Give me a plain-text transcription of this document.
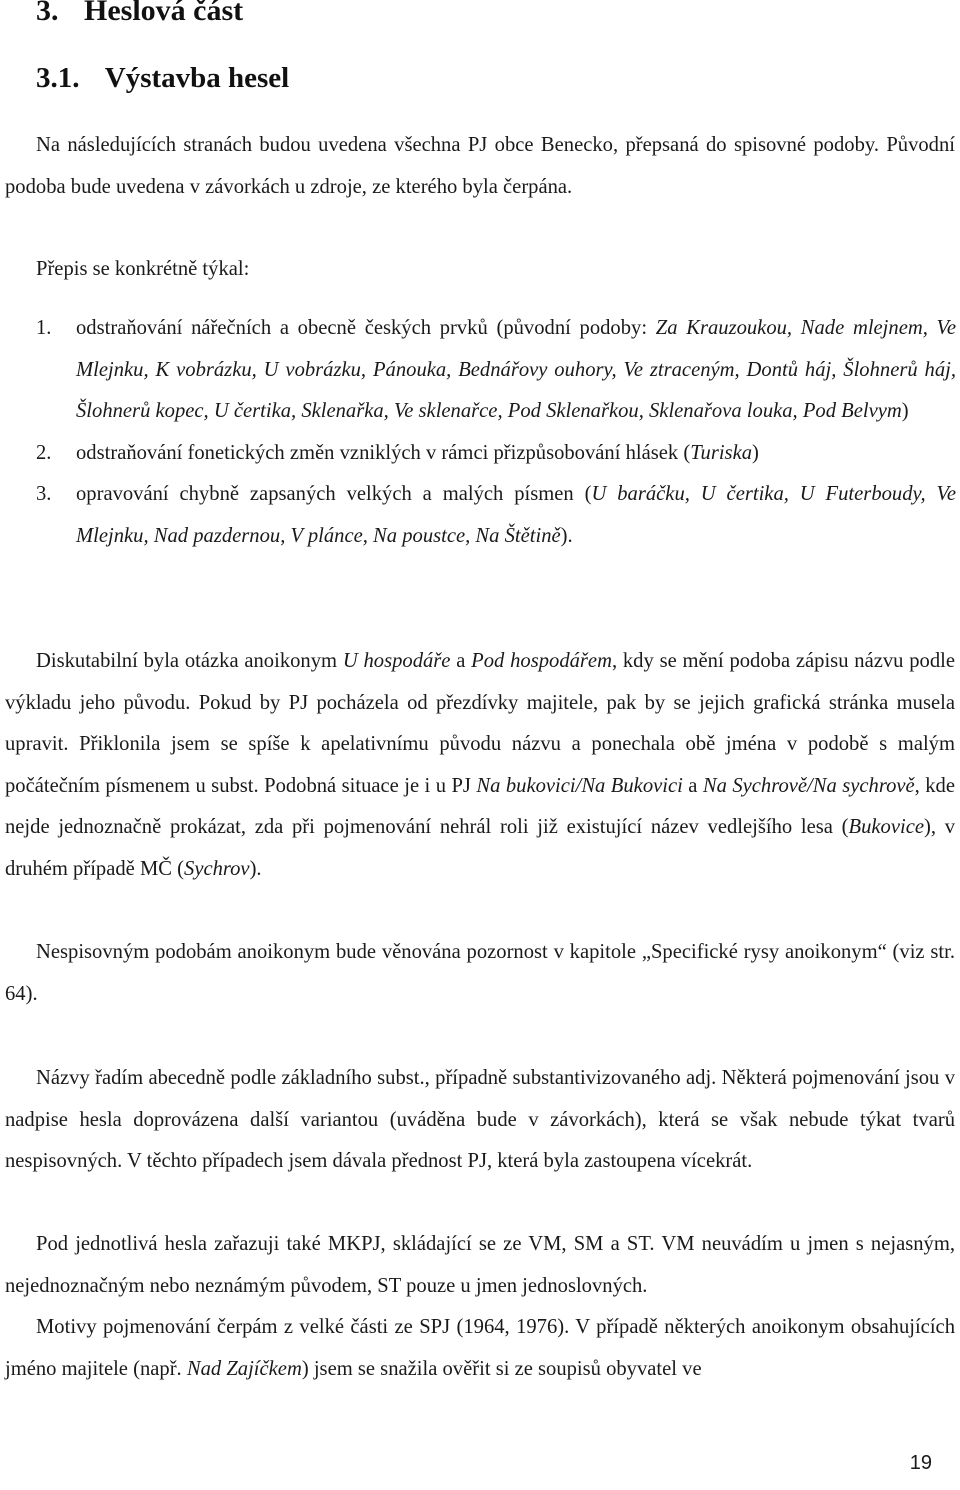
3. Heslová část
3.1. Výstavba hesel

Na následujících stranách budou uvedena všechna PJ obce Benecko, přepsaná do spisovné podoby. Původní podoba bude uvedena v závorkách u zdroje, ze kterého byla čerpána.

Přepis se konkrétně týkal:

1. odstraňování nářečních a obecně českých prvků (původní podoby: Za Krauzoukou, Nade mlejnem, Ve Mlejnku, K vobrázku, U vobrázku, Pánouka, Bednářovy ouhory, Ve ztraceným, Dontů háj, Šlohnerů háj, Šlohnerů kopec, U čertika, Sklenařka, Ve sklenařce, Pod Sklenařkou, Sklenařova louka, Pod Belvym)
2. odstraňování fonetických změn vzniklých v rámci přizpůsobování hlásek (Turiska)
3. opravování chybně zapsaných velkých a malých písmen (U baráčku, U čertika, U Futerboudy, Ve Mlejnku, Nad pazdernou, V plánce, Na poustce, Na Štětině).

Diskutabilní byla otázka anoikonym U hospodáře a Pod hospodářem, kdy se mění podoba zápisu názvu podle výkladu jeho původu. Pokud by PJ pocházela od přezdívky majitele, pak by se jejich grafická stránka musela upravit. Přiklonila jsem se spíše k apelativnímu původu názvu a ponechala obě jména v podobě s malým počátečním písmenem u subst. Podobná situace je i u PJ Na bukovici/Na Bukovici a Na Sychrově/Na sychrově, kde nejde jednoznačně prokázat, zda při pojmenování nehrál roli již existující název vedlejšího lesa (Bukovice), v druhém případě MČ (Sychrov).

Nespisovným podobám anoikonym bude věnována pozornost v kapitole „Specifické rysy anoikonym“ (viz str. 64).

Názvy řadím abecedně podle základního subst., případně substantivizovaného adj. Některá pojmenování jsou v nadpise hesla doprovázena další variantou (uváděna bude v závorkách), která se však nebude týkat tvarů nespisovných. V těchto případech jsem dávala přednost PJ, která byla zastoupena vícekrát.

Pod jednotlivá hesla zařazuji také MKPJ, skládající se ze VM, SM a ST. VM neuvádím u jmen s nejasným, nejednoznačným nebo neznámým původem, ST pouze u jmen jednoslovných.

Motivy pojmenování čerpám z velké části ze SPJ (1964, 1976). V případě některých anoikonym obsahujících jméno majitele (např. Nad Zajíčkem) jsem se snažila ověřit si ze soupisů obyvatel ve

19
